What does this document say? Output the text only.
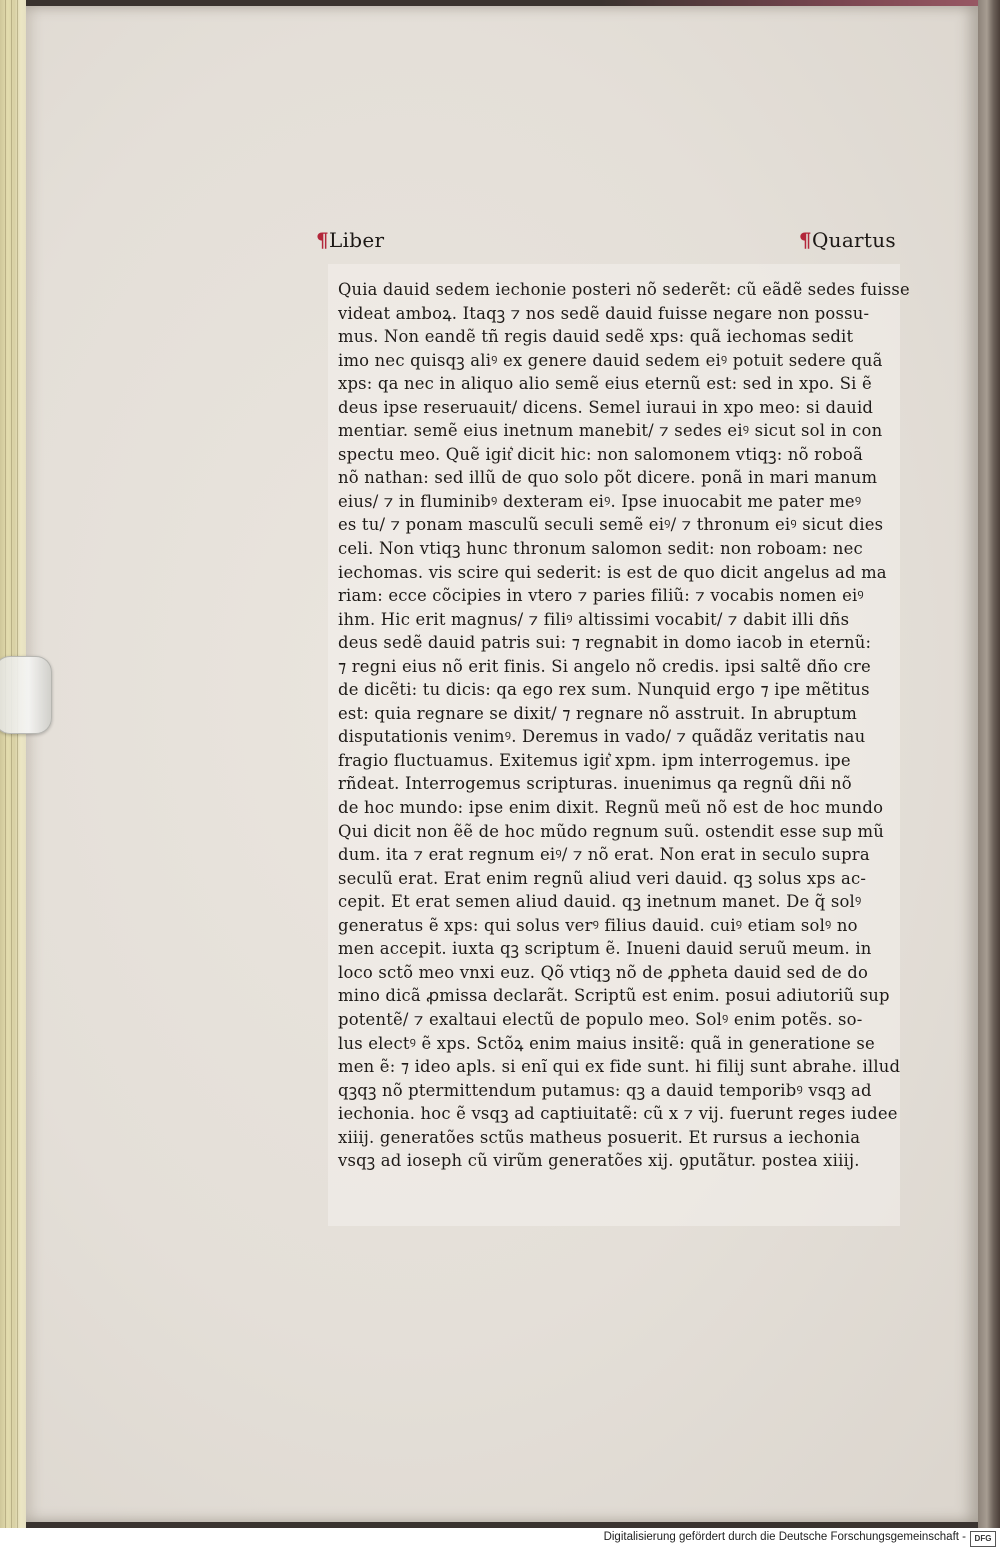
¶Liber	¶Quartus
Quia dauid sedem iechonie posteri nõ sederẽt: cũ eãdẽ sedes fuisse
videat amboꝝ. Itaqꝫ ⁊ nos sedẽ dauid fuisse negare non possu-
mus. Non eandẽ tñ regis dauid sedẽ xps: quã iechomas sedit
imo nec quisqꝫ aliꝰ ex genere dauid sedem eiꝰ potuit sedere quã
xps: qa nec in aliquo alio semẽ eius eternũ est: sed in xpo. Si ẽ
deus ipse reseruauit/ dicens. Semel iuraui in xpo meo: si dauid
mentiar. semẽ eius inetnum manebit/ ⁊ sedes eiꝰ sicut sol in con
spectu meo. Quẽ igit͛ dicit hic: non salomonem vtiqꝫ: nõ roboã
nõ nathan: sed illũ de quo solo põt dicere. ponã in mari manum
eius/ ⁊ in fluminibꝰ dexteram eiꝰ. Ipse inuocabit me pater meꝰ
es tu/ ⁊ ponam masculũ seculi semẽ eiꝰ/ ⁊ thronum eiꝰ sicut dies
celi. Non vtiqꝫ hunc thronum salomon sedit: non roboam: nec
iechomas. vis scire qui sederit: is est de quo dicit angelus ad ma
riam: ecce cõcipies in vtero ⁊ paries filiũ: ⁊ vocabis nomen eiꝰ
ihm. Hic erit magnus/ ⁊ filiꝰ altissimi vocabit/ ⁊ dabit illi dñs
deus sedẽ dauid patris sui: ⁊ regnabit in domo iacob in eternũ:
⁊ regni eius nõ erit finis. Si angelo nõ credis. ipsi saltẽ dño cre
de dicẽti: tu dicis: qa ego rex sum. Nunquid ergo ⁊ ipe mẽtitus
est: quia regnare se dixit/ ⁊ regnare nõ asstruit. In abruptum
disputationis venimꝰ. Deremus in vado/ ⁊ quãdãz veritatis nau
fragio fluctuamus. Exitemus igit͛ xpm. ipm interrogemus. ipe
rñdeat. Interrogemus scripturas. inuenimus qa regnũ dñi nõ
de hoc mundo: ipse enim dixit. Regnũ meũ nõ est de hoc mundo
Qui dicit non ẽẽ de hoc mũdo regnum suũ. ostendit esse sup mũ
dum. ita ⁊ erat regnum eiꝰ/ ⁊ nõ erat. Non erat in seculo supra
seculũ erat. Erat enim regnũ aliud veri dauid. qꝫ solus xps ac-
cepit. Et erat semen aliud dauid. qꝫ inetnum manet. De q̃ solꝰ
generatus ẽ xps: qui solus verꝰ filius dauid. cuiꝰ etiam solꝰ no
men accepit. iuxta qꝫ scriptum ẽ. Inueni dauid seruũ meum. in
loco sctõ meo vnxi euz. Qõ vtiqꝫ nõ de ꝓpheta dauid sed de do
mino dicã ꝓmissa declarãt. Scriptũ est enim. posui adiutoriũ sup
potentẽ/ ⁊ exaltaui electũ de populo meo. Solꝰ enim potẽs. so-
lus electꝰ ẽ xps. Sctõꝝ enim maius insitẽ: quã in generatione se
men ẽ: ⁊ ideo apls. si enĩ qui ex fide sunt. hi filij sunt abrahe. illud
qꝫqꝫ nõ ptermittendum putamus: qꝫ a dauid temporibꝰ vsqꝫ ad
iechonia. hoc ẽ vsqꝫ ad captiuitatẽ: cũ x ⁊ vij. fuerunt reges iudee
xiiij. generatões sctũs matheus posuerit. Et rursus a iechonia
vsqꝫ ad ioseph cũ virũm generatões xij. ꝯputãtur. postea xiiij.
Digitalisierung gefördert durch die Deutsche Forschungsgemeinschaft -	DFG
